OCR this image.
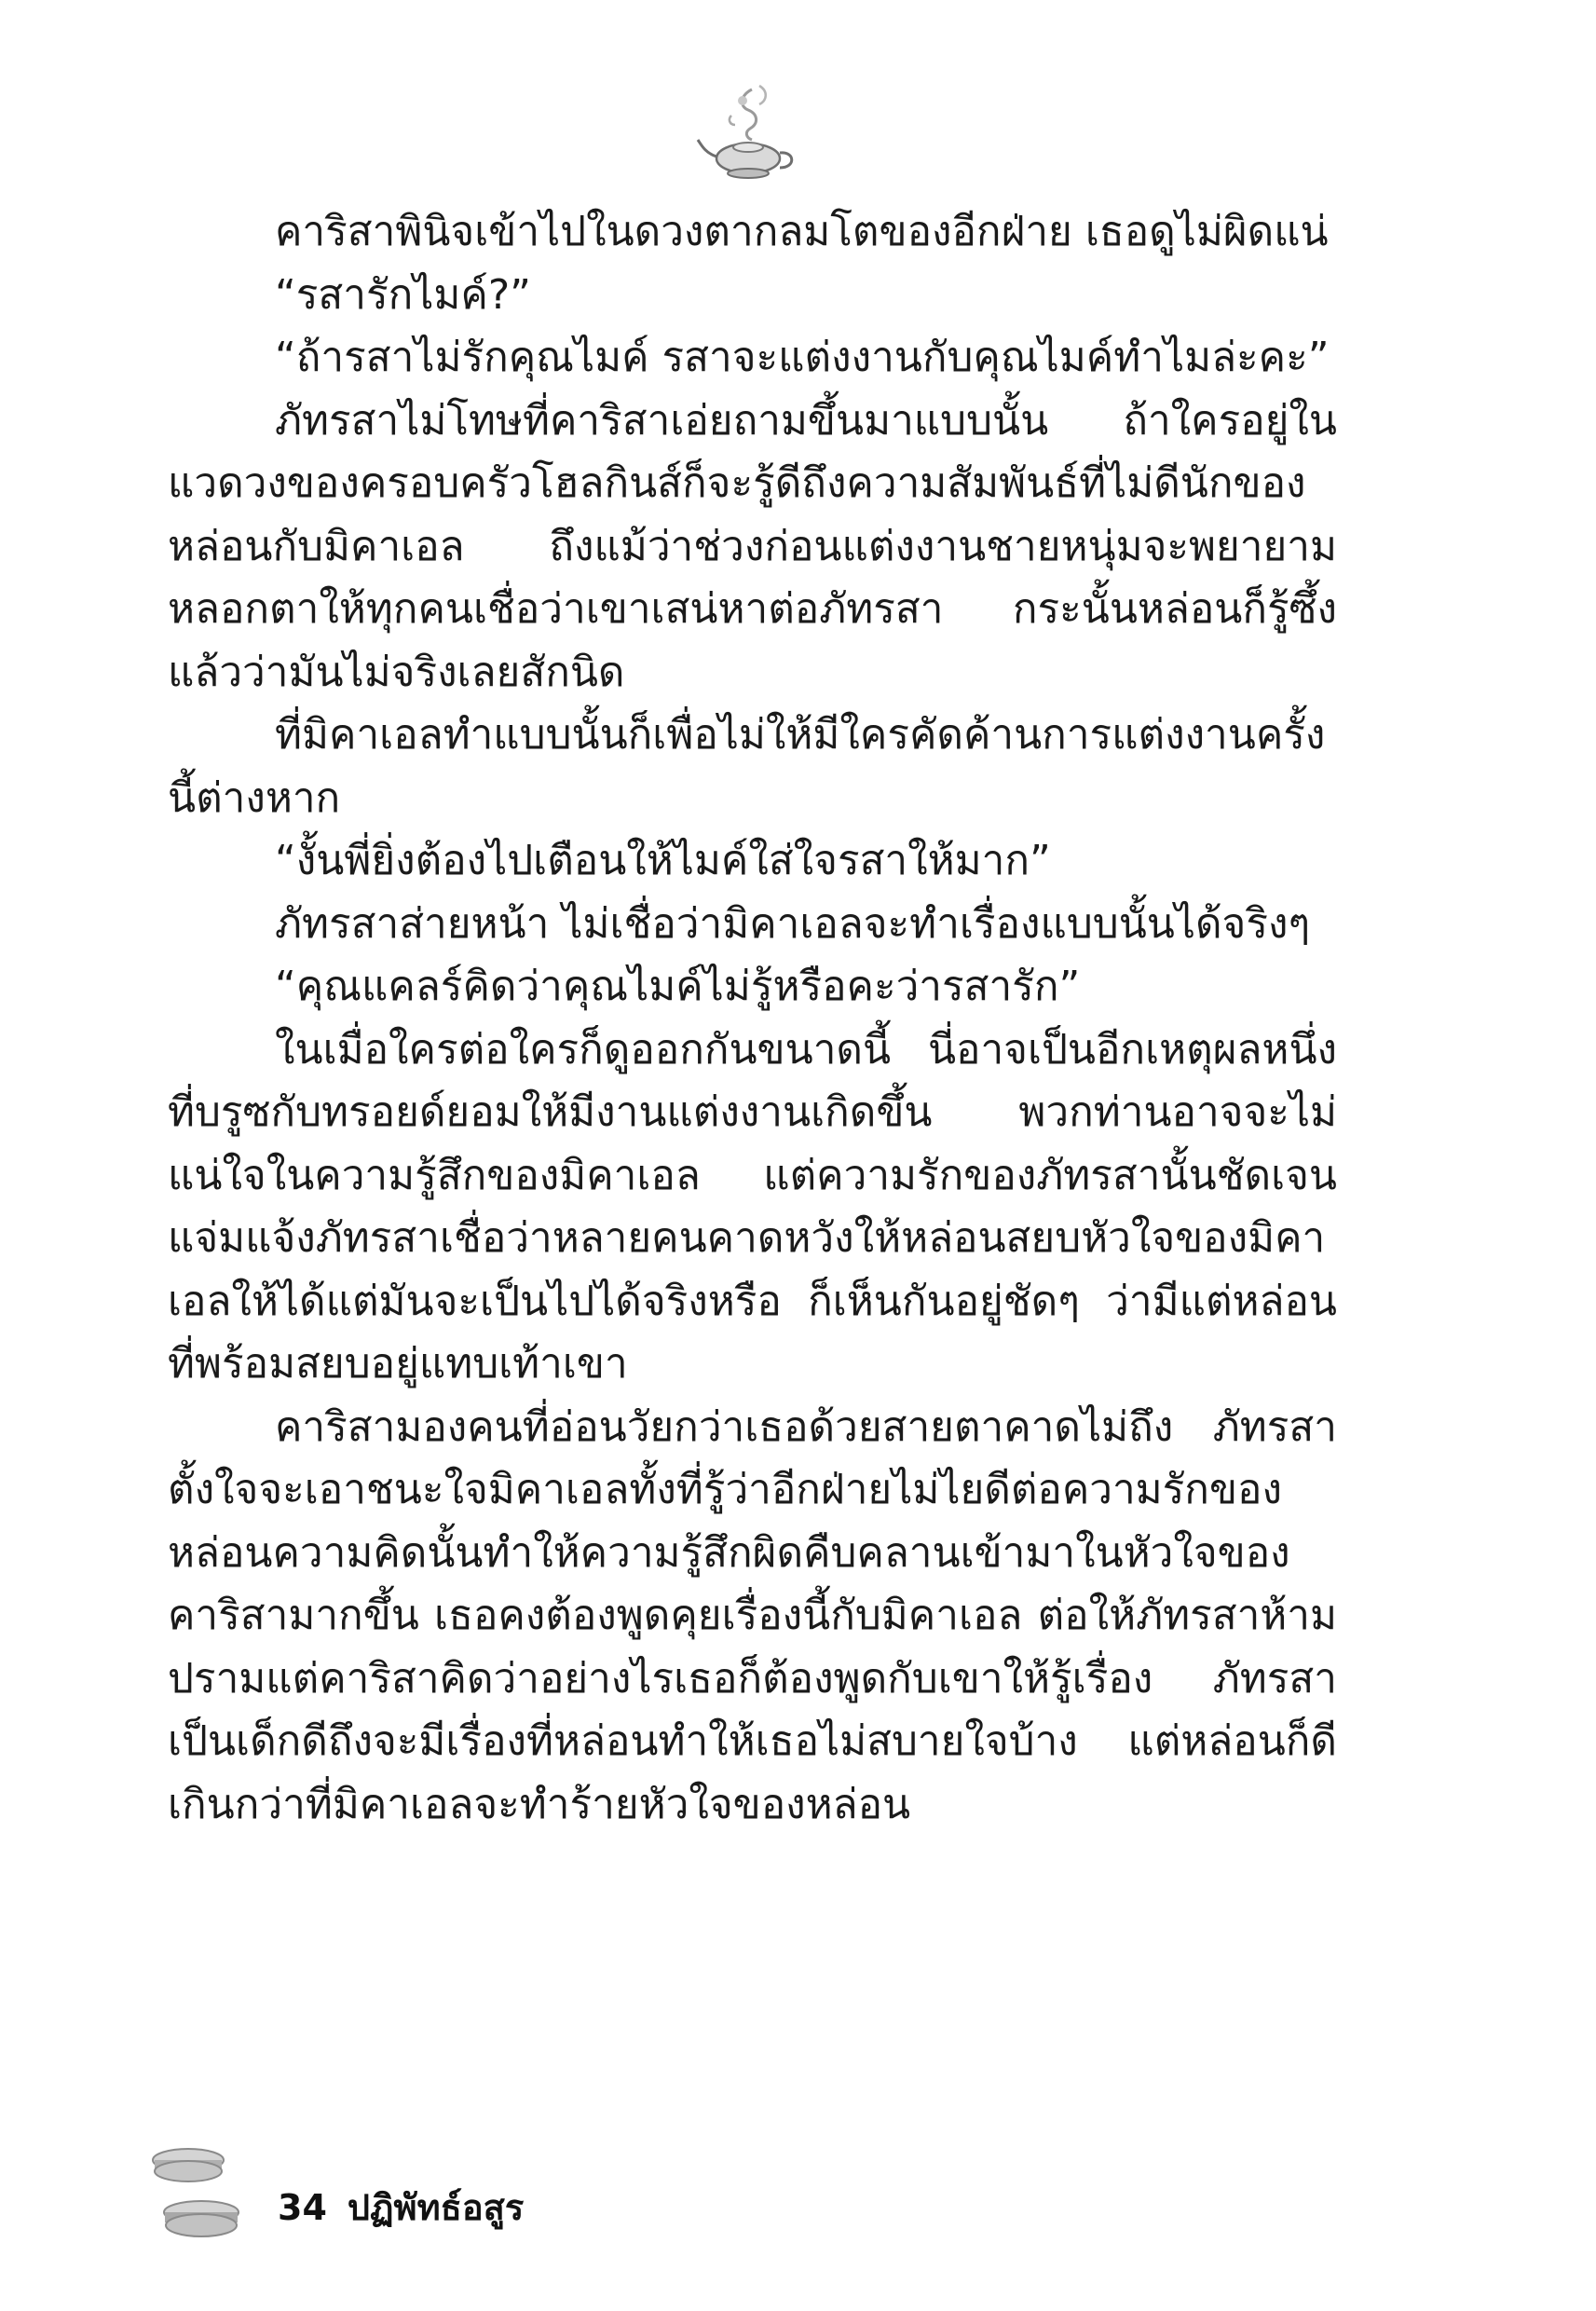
คาริสาพินิจเข้าไปในดวงตากลมโตของอีกฝ่าย เธอดูไม่ผิดแน่

“รสารักไมค์?”

“ถ้ารสาไม่รักคุณไมค์ รสาจะแต่งงานกับคุณไมค์ทำไมล่ะคะ”

ภัทรสาไม่โทษที่คาริสาเอ่ยถามขึ้นมาแบบนั้น ถ้าใครอยู่ในแวดวงของครอบครัวโฮลกินส์ก็จะรู้ดีถึงความสัมพันธ์ที่ไม่ดีนักของหล่อนกับมิคาเอล ถึงแม้ว่าช่วงก่อนแต่งงานชายหนุ่มจะพยายามหลอกตาให้ทุกคนเชื่อว่าเขาเสน่หาต่อภัทรสา กระนั้นหล่อนก็รู้ซึ้งแล้วว่ามันไม่จริงเลยสักนิด

ที่มิคาเอลทำแบบนั้นก็เพื่อไม่ให้มีใครคัดค้านการแต่งงานครั้งนี้ต่างหาก

“งั้นพี่ยิ่งต้องไปเตือนให้ไมค์ใส่ใจรสาให้มาก”

ภัทรสาส่ายหน้า ไม่เชื่อว่ามิคาเอลจะทำเรื่องแบบนั้นได้จริงๆ

“คุณแคลร์คิดว่าคุณไมค์ไม่รู้หรือคะว่ารสารัก”

ในเมื่อใครต่อใครก็ดูออกกันขนาดนี้ นี่อาจเป็นอีกเหตุผลหนึ่งที่บรูซกับทรอยด์ยอมให้มีงานแต่งงานเกิดขึ้น พวกท่านอาจจะไม่แน่ใจในความรู้สึกของมิคาเอล แต่ความรักของภัทรสานั้นชัดเจนแจ่มแจ้งภัทรสาเชื่อว่าหลายคนคาดหวังให้หล่อนสยบหัวใจของมิคาเอลให้ได้แต่มันจะเป็นไปได้จริงหรือ ก็เห็นกันอยู่ชัดๆ ว่ามีแต่หล่อนที่พร้อมสยบอยู่แทบเท้าเขา

คาริสามองคนที่อ่อนวัยกว่าเธอด้วยสายตาคาดไม่ถึง ภัทรสาตั้งใจจะเอาชนะใจมิคาเอลทั้งที่รู้ว่าอีกฝ่ายไม่ไยดีต่อความรักของหล่อนความคิดนั้นทำให้ความรู้สึกผิดคืบคลานเข้ามาในหัวใจของคาริสามากขึ้น เธอคงต้องพูดคุยเรื่องนี้กับมิคาเอล ต่อให้ภัทรสาห้ามปรามแต่คาริสาคิดว่าอย่างไรเธอก็ต้องพูดกับเขาให้รู้เรื่อง ภัทรสาเป็นเด็กดีถึงจะมีเรื่องที่หล่อนทำให้เธอไม่สบายใจบ้าง แต่หล่อนก็ดีเกินกว่าที่มิคาเอลจะทำร้ายหัวใจของหล่อน

34 ปฏิพัทธ์อสูร
